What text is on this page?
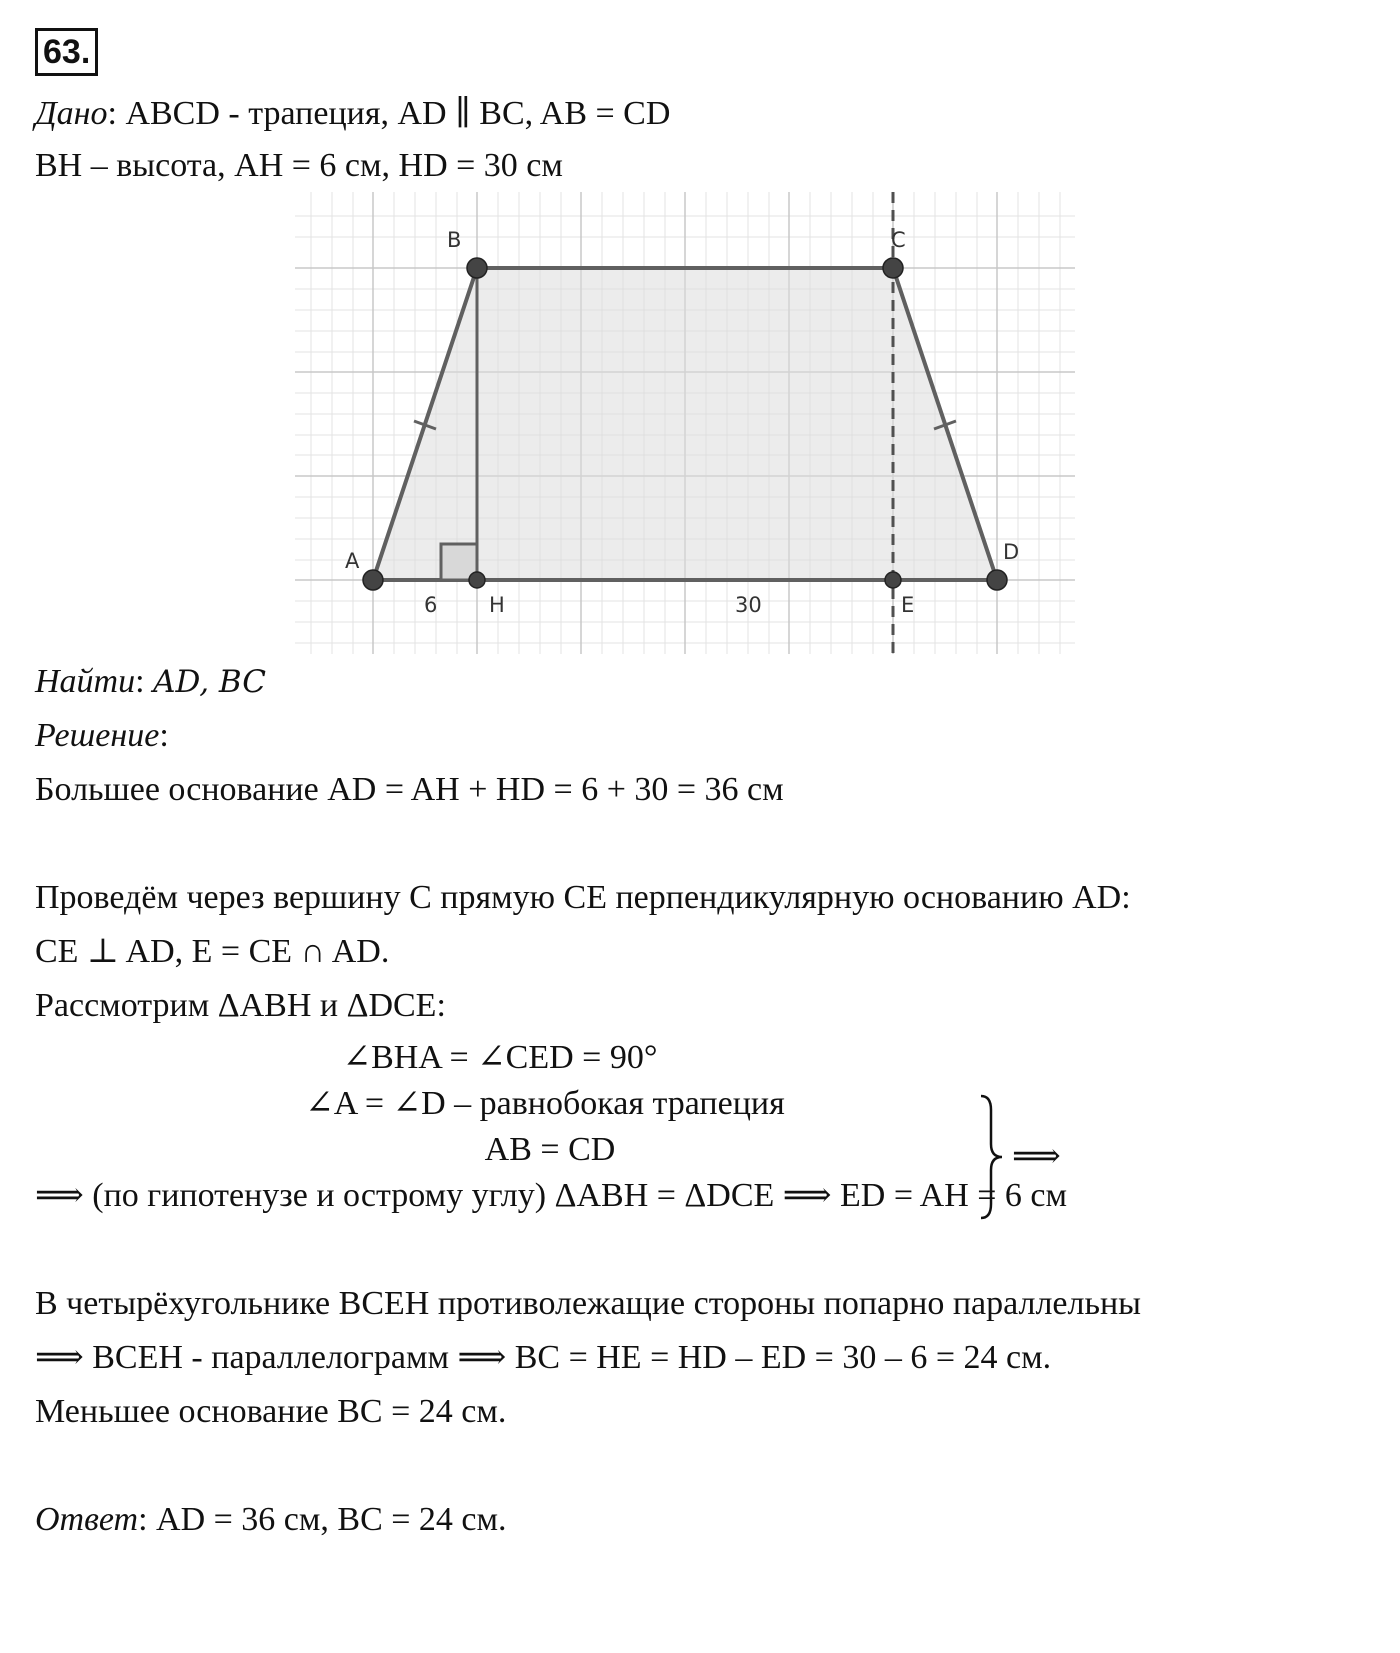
63.
Дано: ABCD - трапеция, AD ∥ BC, AB = CD
BH – высота, AH = 6 см, HD = 30 см
A
B	C
D
H	E
6	30
Найти: AD, BC
Решение:
Большее основание AD = AH + HD = 6 + 30 = 36 см
Проведём через вершину C прямую CE перпендикулярную основанию AD:
CE ⊥ AD, E = CE ∩ AD.
Рассмотрим ΔABH и ΔDCE:
∠BHA = ∠CED = 90°
∠A = ∠D – равнобокая трапеция
AB = CD	⟹
⟹ (по гипотенузе и острому углу) ΔABH = ΔDCE ⟹ ED = AH = 6 см
В четырёхугольнике BCEH противолежащие стороны попарно параллельны
⟹ BCEH - параллелограмм ⟹ BC = HE = HD – ED = 30 – 6 = 24 см.
Меньшее основание BC = 24 см.
Ответ: AD = 36 см, BC = 24 см.
